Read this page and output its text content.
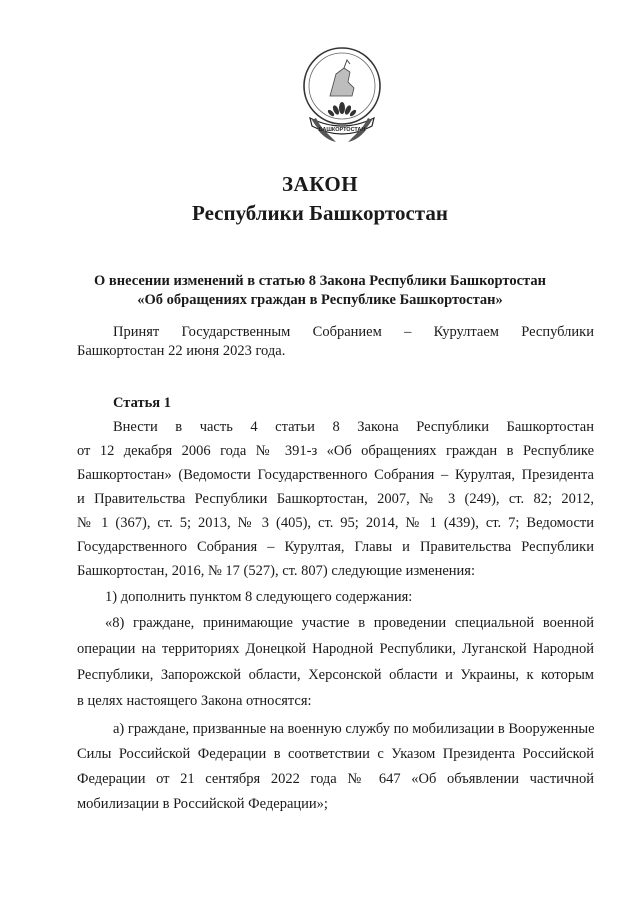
БАШКОРТОСТАН
ЗАКОН
Республики Башкортостан
О внесении изменений в статью 8 Закона Республики Башкортостан
«Об обращениях граждан в Республике Башкортостан»
Принят Государственным Собранием – Курултаем Республики
Башкортостан 22 июня 2023 года.
Статья 1
Внести в часть 4 статьи 8 Закона Республики Башкортостан
от 12 декабря 2006 года № 391-з «Об обращениях граждан в Республике
Башкортостан» (Ведомости Государственного Собрания – Курултая, Президента
и Правительства Республики Башкортостан, 2007, № 3 (249), ст. 82; 2012,
№ 1 (367), ст. 5; 2013, № 3 (405), ст. 95; 2014, № 1 (439), ст. 7; Ведомости
Государственного Собрания – Курултая, Главы и Правительства Республики
Башкортостан, 2016, № 17 (527), ст. 807) следующие изменения:
1) дополнить пунктом 8 следующего содержания:
«8) граждане, принимающие участие в проведении специальной военной
операции на территориях Донецкой Народной Республики, Луганской Народной
Республики, Запорожской области, Херсонской области и Украины, к которым
в целях настоящего Закона относятся:
а) граждане, призванные на военную службу по мобилизации в Вооруженные
Силы Российской Федерации в соответствии с Указом Президента Российской
Федерации от 21 сентября 2022 года № 647 «Об объявлении частичной
мобилизации в Российской Федерации»;
